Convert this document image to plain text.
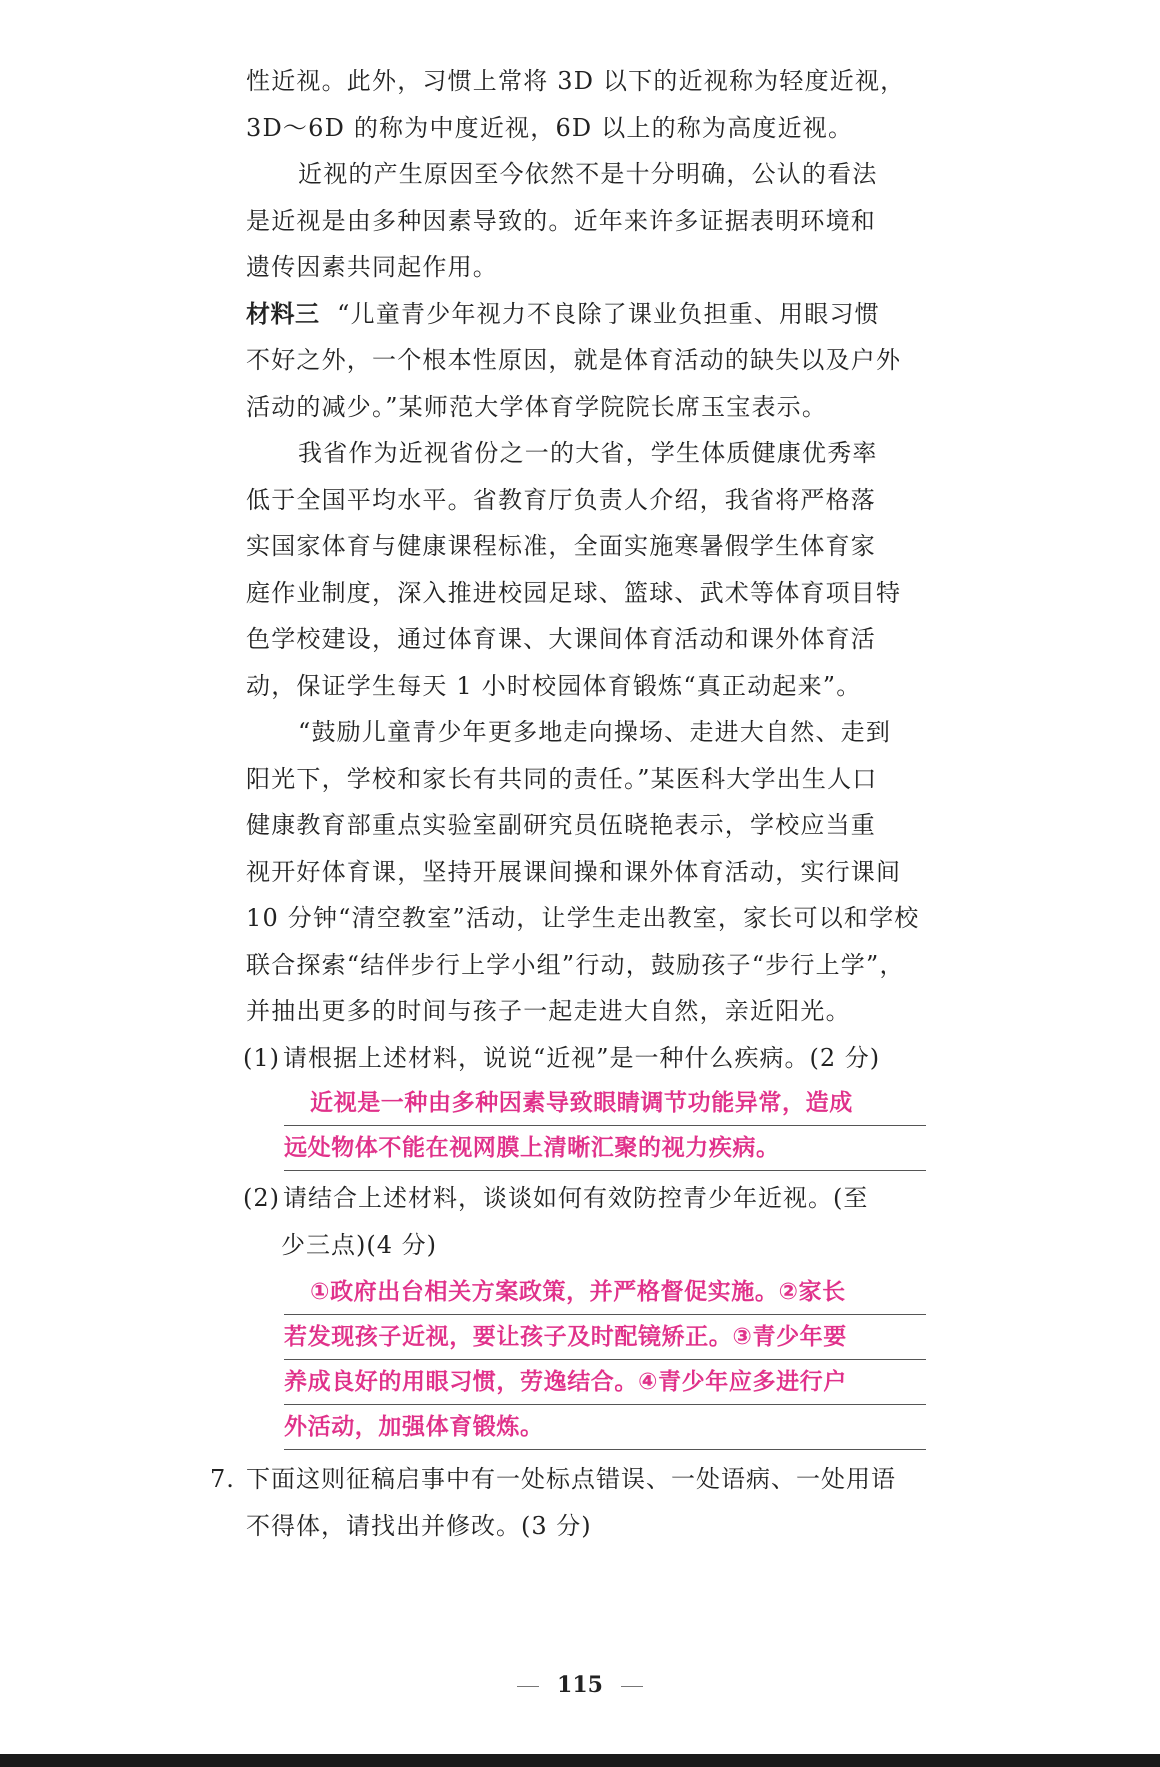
性近视。此外，习惯上常将 3D 以下的近视称为轻度近视，

3D～6D 的称为中度近视，6D 以上的称为高度近视。

近视的产生原因至今依然不是十分明确，公认的看法

是近视是由多种因素导致的。近年来许多证据表明环境和

遗传因素共同起作用。

材料三 “儿童青少年视力不良除了课业负担重、用眼习惯

不好之外，一个根本性原因，就是体育活动的缺失以及户外

活动的减少。”某师范大学体育学院院长席玉宝表示。

我省作为近视省份之一的大省，学生体质健康优秀率

低于全国平均水平。省教育厅负责人介绍，我省将严格落

实国家体育与健康课程标准，全面实施寒暑假学生体育家

庭作业制度，深入推进校园足球、篮球、武术等体育项目特

色学校建设，通过体育课、大课间体育活动和课外体育活

动，保证学生每天 1 小时校园体育锻炼“真正动起来”。

“鼓励儿童青少年更多地走向操场、走进大自然、走到

阳光下，学校和家长有共同的责任。”某医科大学出生人口

健康教育部重点实验室副研究员伍晓艳表示，学校应当重

视开好体育课，坚持开展课间操和课外体育活动，实行课间

10 分钟“清空教室”活动，让学生走出教室，家长可以和学校

联合探索“结伴步行上学小组”行动，鼓励孩子“步行上学”，

并抽出更多的时间与孩子一起走进大自然，亲近阳光。

(1) 请根据上述材料，说说“近视”是一种什么疾病。(2 分)

近视是一种由多种因素导致眼睛调节功能异常，造成

远处物体不能在视网膜上清晰汇聚的视力疾病。

(2) 请结合上述材料，谈谈如何有效防控青少年近视。(至

少三点)(4 分)

①政府出台相关方案政策，并严格督促实施。②家长

若发现孩子近视，要让孩子及时配镜矫正。③青少年要

养成良好的用眼习惯，劳逸结合。④青少年应多进行户

外活动，加强体育锻炼。

7. 下面这则征稿启事中有一处标点错误、一处语病、一处用语

不得体，请找出并修改。(3 分)

115
